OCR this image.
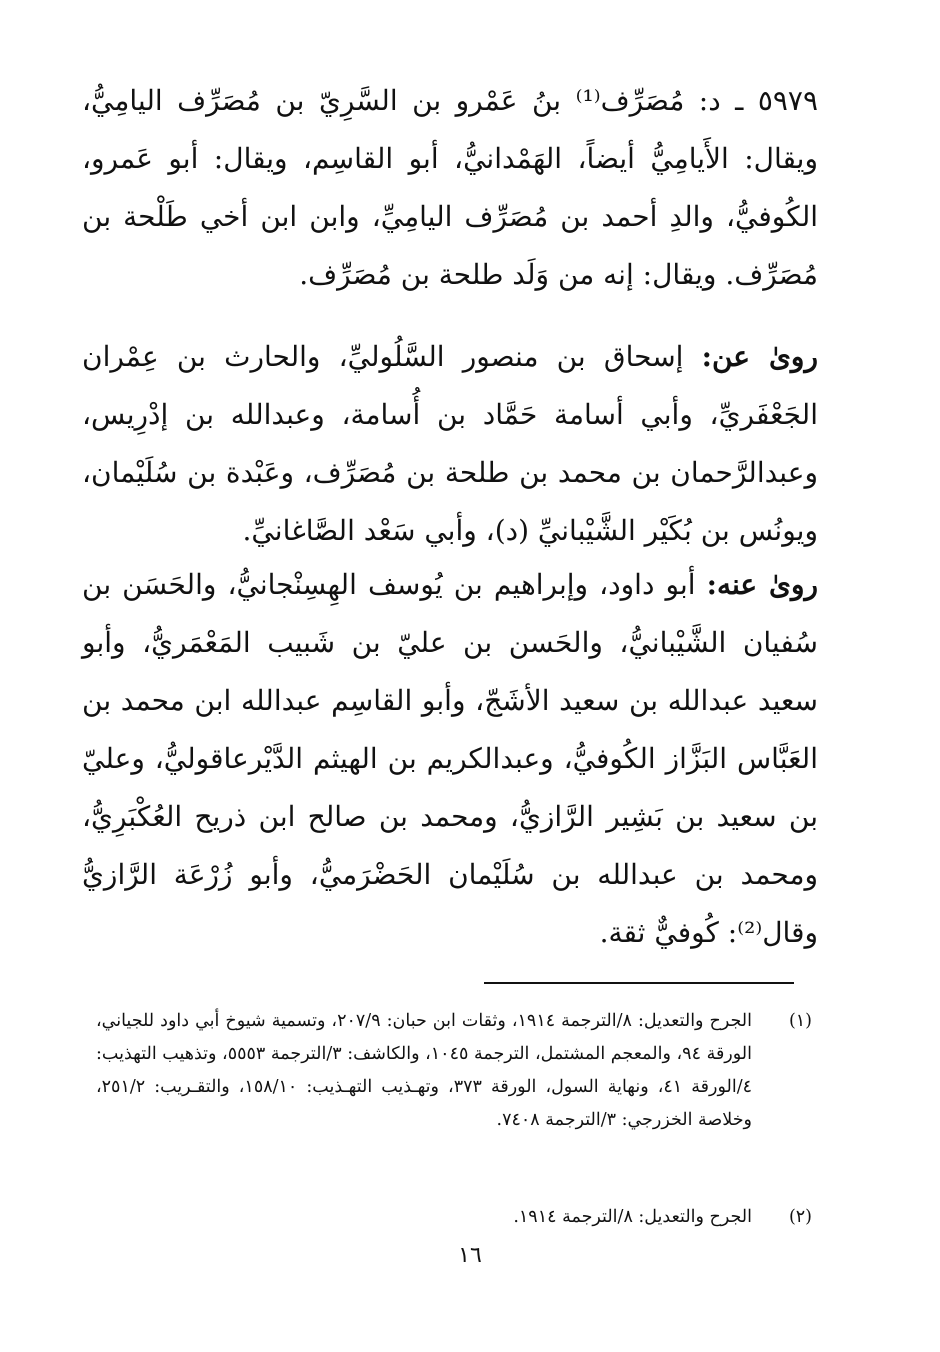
٥٩٧٩ ـ د: مُصَرِّف⁽¹⁾ بنُ عَمْرو بن السَّرِيّ بن مُصَرِّف اليامِيُّ، ويقال: الأَيامِيُّ أيضاً، الهَمْدانيُّ، أبو القاسِم، ويقال: أبو عَمرو، الكُوفيُّ، والدِ أحمد بن مُصَرِّف اليامِيِّ، وابن ابن أخي طَلْحة بن مُصَرِّف. ويقال: إنه من وَلَد طلحة بن مُصَرِّف.

روىٰ عن: إسحاق بن منصور السَّلُوليِّ، والحارث بن عِمْران الجَعْفَريِّ، وأبي أسامة حَمَّاد بن أُسامة، وعبدالله بن إدْرِيس، وعبدالرَّحمان بن محمد بن طلحة بن مُصَرِّف، وعَبْدة بن سُلَيْمان، ويونُس بن بُكَيْر الشَّيْبانيِّ (د)، وأبي سَعْد الصَّاغانيِّ.

روىٰ عنه: أبو داود، وإبراهيم بن يُوسف الهِسِنْجانيُّ، والحَسَن بن سُفيان الشَّيْبانيُّ، والحَسن بن عليّ بن شَبيب المَعْمَريُّ، وأبو سعيد عبدالله بن سعيد الأشَجّ، وأبو القاسِم عبدالله ابن محمد بن العَبَّاس البَزَّاز الكُوفيُّ، وعبدالكريم بن الهيثم الدَّيْرعاقوليُّ، وعليّ بن سعيد بن بَشِير الرَّازيُّ، ومحمد بن صالح ابن ذريح العُكْبَرِيُّ، ومحمد بن عبدالله بن سُلَيْمان الحَضْرَميُّ، وأبو زُرْعَة الرَّازيُّ وقال⁽²⁾: كُوفيٌّ ثقة.

(١)
الجرح والتعديل: ٨/الترجمة ١٩١٤، وثقات ابن حبان: ٢٠٧/٩، وتسمية شيوخ أبي داود للجياني، الورقة ٩٤، والمعجم المشتمل، الترجمة ١٠٤٥، والكاشف: ٣/الترجمة ٥٥٥٣، وتذهيب التهذيب: ٤/الورقة ٤١، ونهاية السول، الورقة ٣٧٣، وتهـذيب التهـذيب: ١٥٨/١٠، والتقـريب: ٢٥١/٢، وخلاصة الخزرجي: ٣/الترجمة ٧٤٠٨.
(٢)
الجرح والتعديل: ٨/الترجمة ١٩١٤.

١٦
